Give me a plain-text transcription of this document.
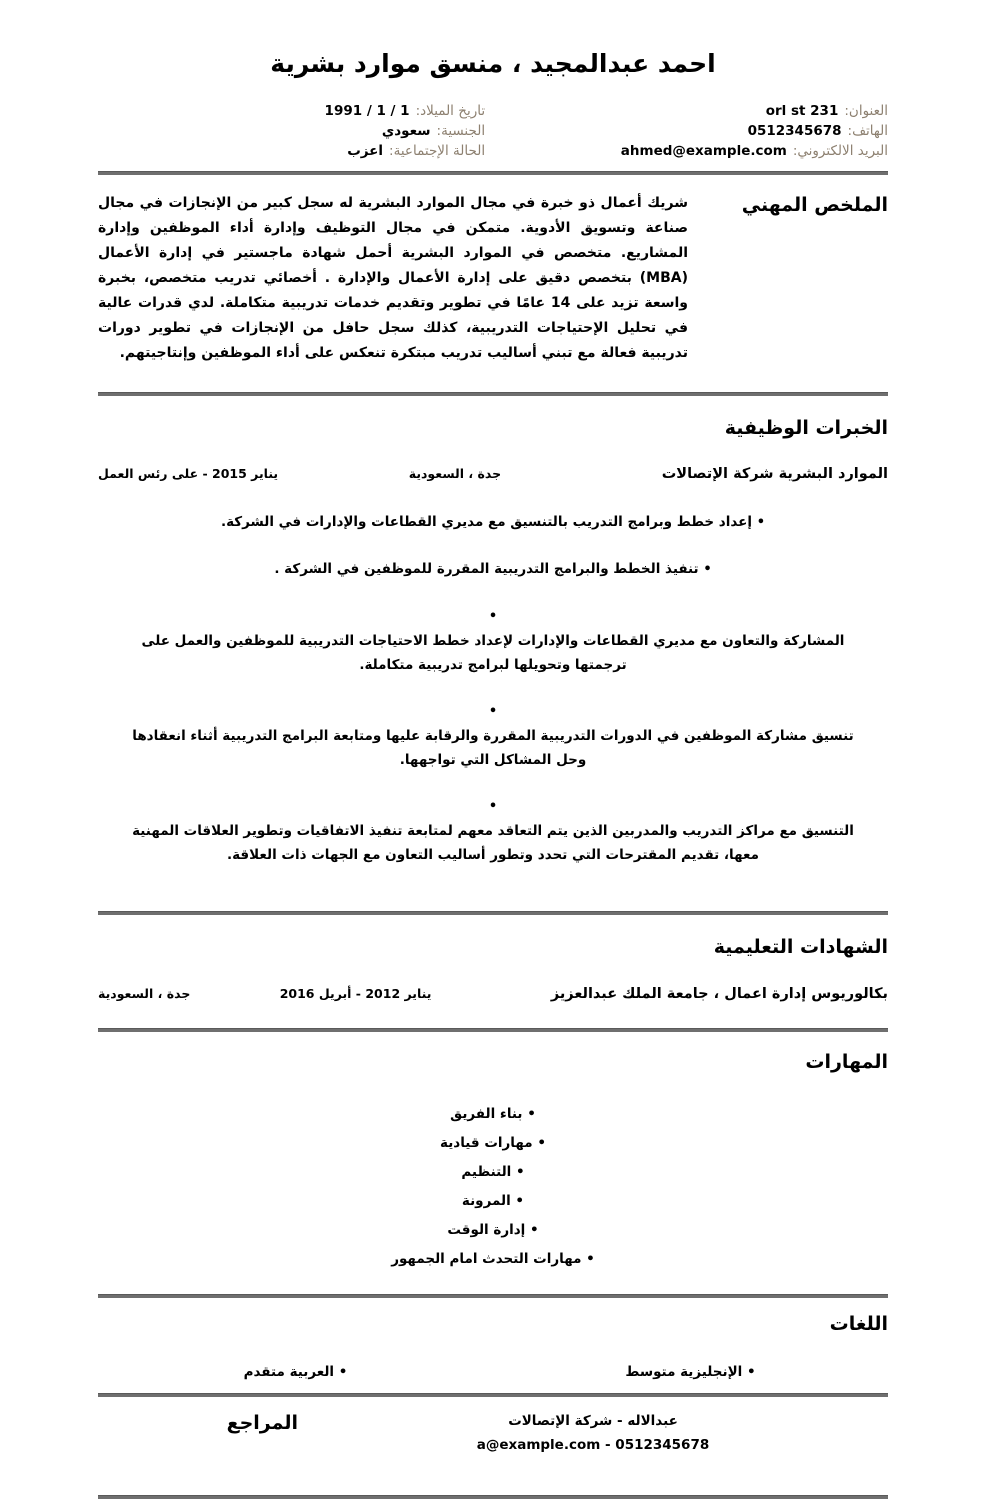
احمد عبدالمجيد ، منسق موارد بشرية
العنوان:
orl st 231
الهاتف:
0512345678
البريد الالكتروني:
ahmed@example.com
تاريخ الميلاد:
1991 / 1 / 1
الجنسية:
سعودي
الحالة الإجتماعية:
اعزب
الملخص المهني
شريك أعمال ذو خبرة في مجال الموارد البشرية له سجل كبير من الإنجازات في مجال صناعة وتسويق الأدوية. متمكن في مجال التوظيف وإدارة أداء الموظفين وإدارة المشاريع. متخصص في الموارد البشرية أحمل شهادة ماجستير في إدارة الأعمال (MBA) بتخصص دقيق على إدارة الأعمال والإدارة . أخصائي تدريب متخصص، بخبرة واسعة تزيد على 14 عامًا في تطوير وتقديم خدمات تدريبية متكاملة. لدي قدرات عالية في تحليل الإحتياجات التدريبية، كذلك سجل حافل من الإنجازات في تطوير دورات تدريبية فعالة مع تبني أساليب تدريب مبتكرة تنعكس على أداء الموظفين وإنتاجيتهم.
الخبرات الوظيفية
الموارد البشرية شركة الإتصالات
جدة ، السعودية
يناير 2015 - على رئس العمل
• إعداد خطط وبرامج التدريب بالتنسيق مع مديري القطاعات والإدارات في الشركة.
• تنفيذ الخطط والبرامج التدريبية المقررة للموظفين في الشركة .
• المشاركة والتعاون مع مديري القطاعات والإدارات لإعداد خطط الاحتياجات التدريبية للموظفين والعمل على ترجمتها وتحويلها لبرامج تدريبية متكاملة.
• تنسيق مشاركة الموظفين في الدورات التدريبية المقررة والرقابة عليها ومتابعة البرامج التدريبية أثناء انعقادها وحل المشاكل التي تواجهها.
• التنسيق مع مراكز التدريب والمدربين الذين يتم التعاقد معهم لمتابعة تنفيذ الاتفاقيات وتطوير العلاقات المهنية معها، تقديم المقترحات التي تحدد وتطور أساليب التعاون مع الجهات ذات العلاقة.
الشهادات التعليمية
بكالوريوس إدارة اعمال ، جامعة الملك عبدالعزيز
يناير 2012 - أبريل 2016
جدة ، السعودية
المهارات
• بناء الفريق
• مهارات قيادية
• التنظيم
• المرونة
• إدارة الوقت
• مهارات التحدث امام الجمهور
اللغات
• الإنجليزية متوسط
• العربية متقدم
المراجع	عبدالاله - شركة الإتصالات
a@example.com - 0512345678
